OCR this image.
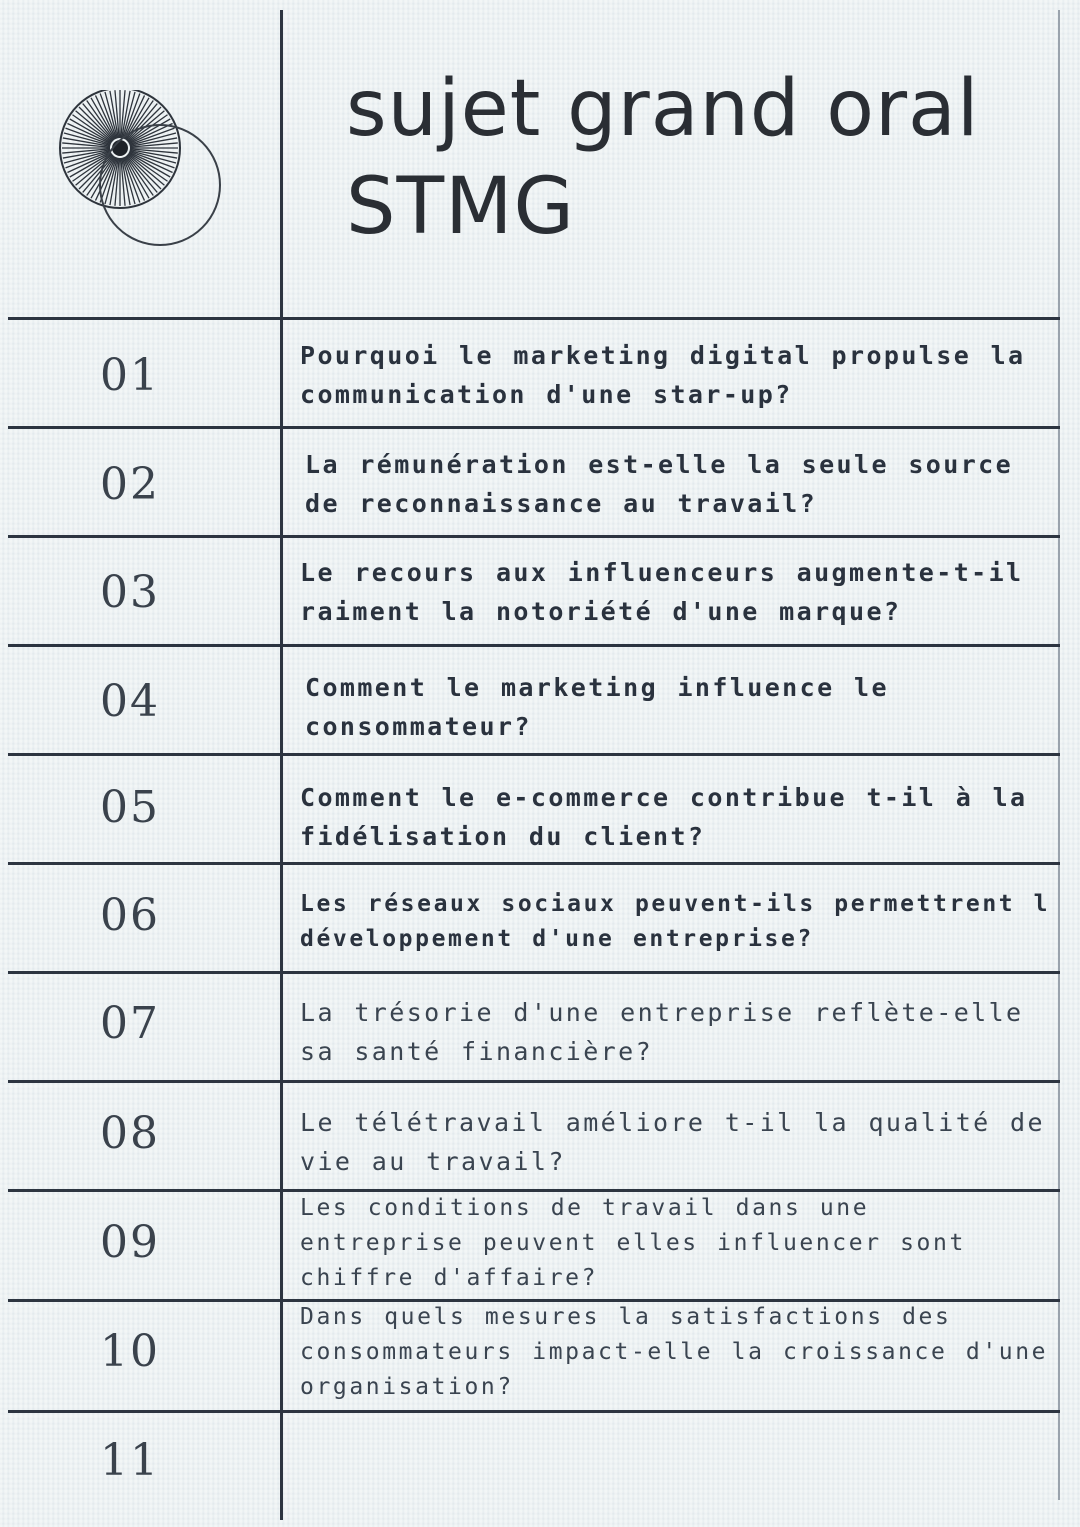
sujet grand oral
STMG
01
02
03
04
05
06
07
08
09
10
11
Pourquoi le marketing digital propulse la communication d'une star-up?
La rémunération est-elle la seule source de reconnaissance au travail?
Le recours aux influenceurs augmente-t-il raiment la notoriété d'une marque?
Comment le marketing influence le consommateur?
Comment le e-commerce contribue t-il à la fidélisation du client?
Les réseaux sociaux peuvent-ils permettrent l développement d'une entreprise?
La trésorie d'une entreprise reflète-elle sa santé financière?
Le télétravail améliore t-il la qualité de vie au travail?
Les conditions de travail dans une entreprise peuvent elles influencer sont chiffre d'affaire?
Dans quels mesures la satisfactions des consommateurs impact-elle la croissance d'une organisation?
